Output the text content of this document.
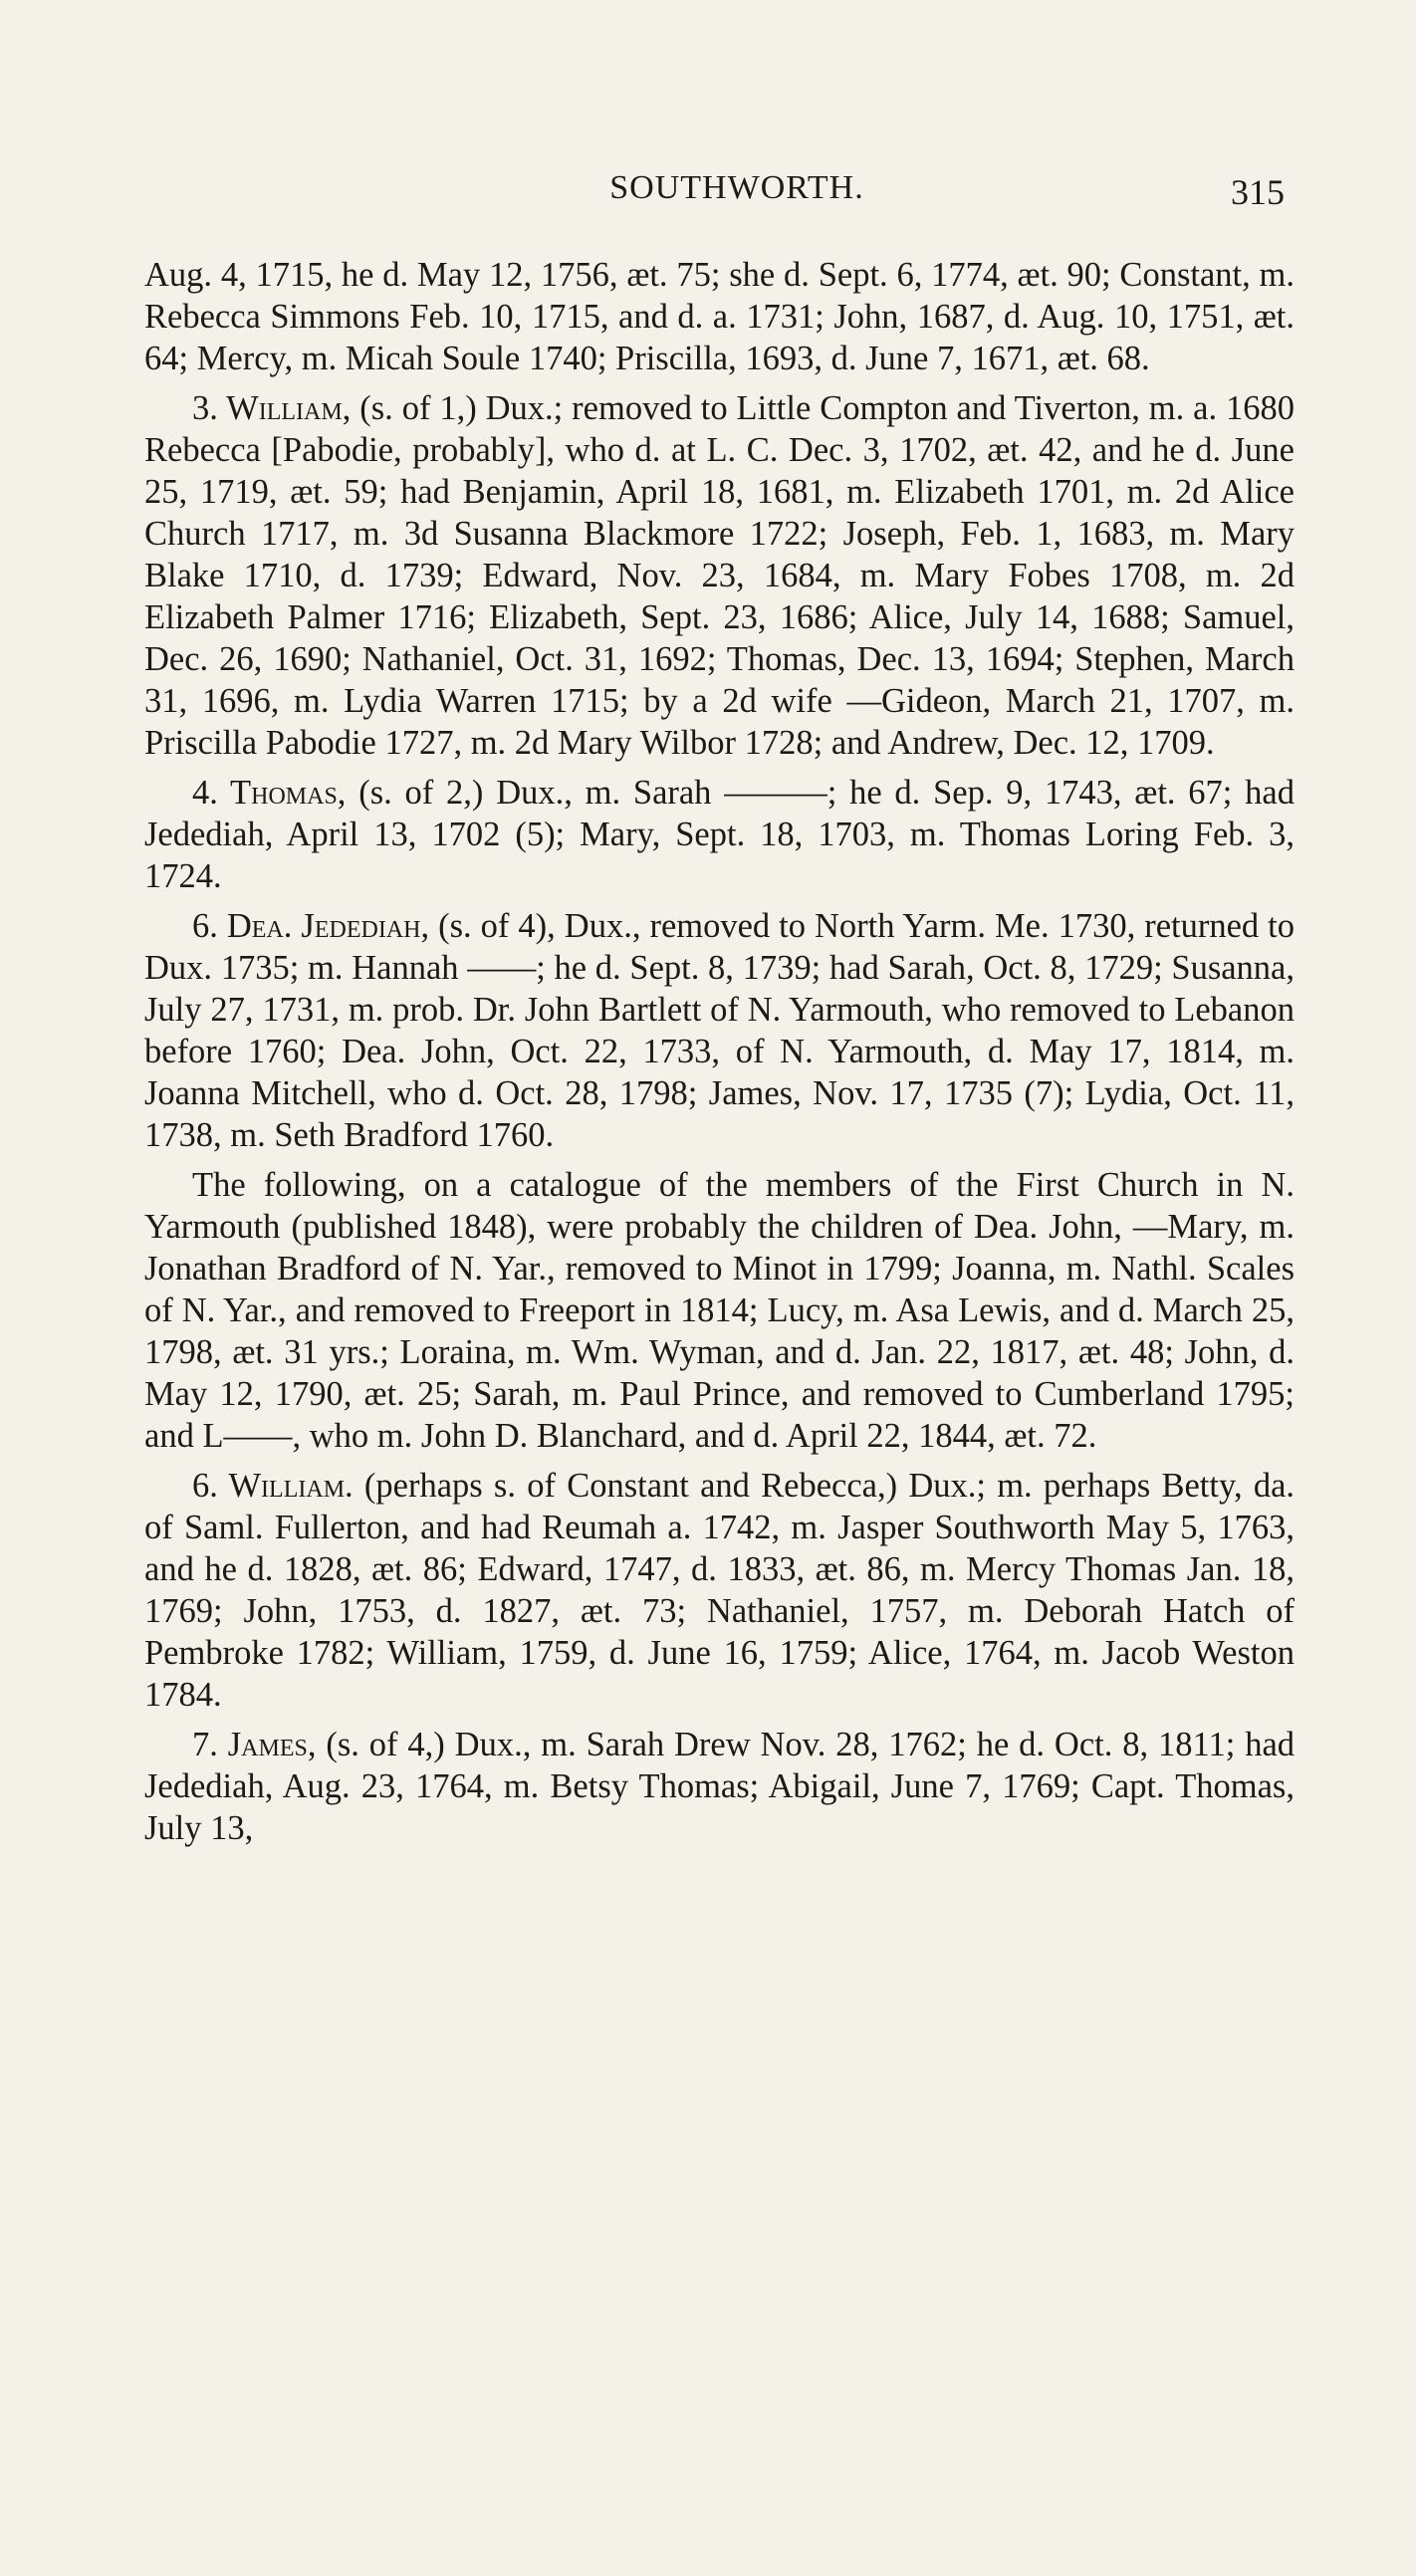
SOUTHWORTH.	315

Aug. 4, 1715, he d. May 12, 1756, æt. 75; she d. Sept. 6, 1774, æt. 90; Constant, m. Rebecca Simmons Feb. 10, 1715, and d. a. 1731; John, 1687, d. Aug. 10, 1751, æt. 64; Mercy, m. Micah Soule 1740; Priscilla, 1693, d. June 7, 1671, æt. 68.

3. William, (s. of 1,) Dux.; removed to Little Compton and Tiverton, m. a. 1680 Rebecca [Pabodie, probably], who d. at L. C. Dec. 3, 1702, æt. 42, and he d. June 25, 1719, æt. 59; had Benjamin, April 18, 1681, m. Elizabeth 1701, m. 2d Alice Church 1717, m. 3d Susanna Blackmore 1722; Joseph, Feb. 1, 1683, m. Mary Blake 1710, d. 1739; Edward, Nov. 23, 1684, m. Mary Fobes 1708, m. 2d Elizabeth Palmer 1716; Elizabeth, Sept. 23, 1686; Alice, July 14, 1688; Samuel, Dec. 26, 1690; Nathaniel, Oct. 31, 1692; Thomas, Dec. 13, 1694; Stephen, March 31, 1696, m. Lydia Warren 1715; by a 2d wife —Gideon, March 21, 1707, m. Priscilla Pabodie 1727, m. 2d Mary Wilbor 1728; and Andrew, Dec. 12, 1709.

4. Thomas, (s. of 2,) Dux., m. Sarah ———; he d. Sep. 9, 1743, æt. 67; had Jedediah, April 13, 1702 (5); Mary, Sept. 18, 1703, m. Thomas Loring Feb. 3, 1724.

6. Dea. Jedediah, (s. of 4), Dux., removed to North Yarm. Me. 1730, returned to Dux. 1735; m. Hannah ——; he d. Sept. 8, 1739; had Sarah, Oct. 8, 1729; Susanna, July 27, 1731, m. prob. Dr. John Bartlett of N. Yarmouth, who removed to Lebanon before 1760; Dea. John, Oct. 22, 1733, of N. Yarmouth, d. May 17, 1814, m. Joanna Mitchell, who d. Oct. 28, 1798; James, Nov. 17, 1735 (7); Lydia, Oct. 11, 1738, m. Seth Bradford 1760.

The following, on a catalogue of the members of the First Church in N. Yarmouth (published 1848), were probably the children of Dea. John, —Mary, m. Jonathan Bradford of N. Yar., removed to Minot in 1799; Joanna, m. Nathl. Scales of N. Yar., and removed to Freeport in 1814; Lucy, m. Asa Lewis, and d. March 25, 1798, æt. 31 yrs.; Loraina, m. Wm. Wyman, and d. Jan. 22, 1817, æt. 48; John, d. May 12, 1790, æt. 25; Sarah, m. Paul Prince, and removed to Cumberland 1795; and L——, who m. John D. Blanchard, and d. April 22, 1844, æt. 72.

6. William. (perhaps s. of Constant and Rebecca,) Dux.; m. perhaps Betty, da. of Saml. Fullerton, and had Reumah a. 1742, m. Jasper Southworth May 5, 1763, and he d. 1828, æt. 86; Edward, 1747, d. 1833, æt. 86, m. Mercy Thomas Jan. 18, 1769; John, 1753, d. 1827, æt. 73; Nathaniel, 1757, m. Deborah Hatch of Pembroke 1782; William, 1759, d. June 16, 1759; Alice, 1764, m. Jacob Weston 1784.

7. James, (s. of 4,) Dux., m. Sarah Drew Nov. 28, 1762; he d. Oct. 8, 1811; had Jedediah, Aug. 23, 1764, m. Betsy Thomas; Abigail, June 7, 1769; Capt. Thomas, July 13,
